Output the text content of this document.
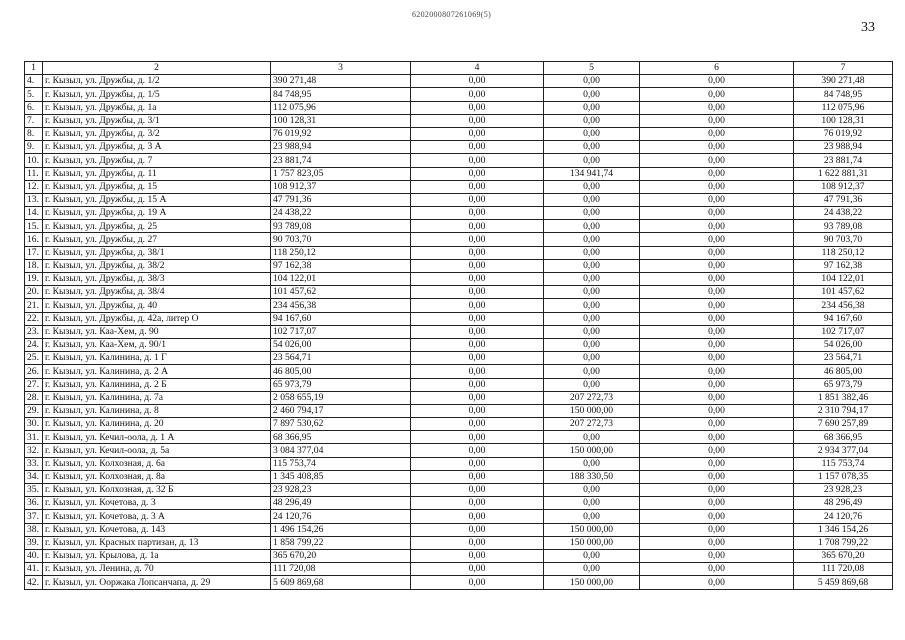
6202000807261069(5)
33
1	2	3	4	5	6	7
4.	г. Кызыл, ул. Дружбы, д. 1/2	390 271,48	0,00	0,00	0,00	390 271,48
5.	г. Кызыл, ул. Дружбы, д. 1/5	84 748,95	0,00	0,00	0,00	84 748,95
6.	г. Кызыл, ул. Дружбы, д. 1а	112 075,96	0,00	0,00	0,00	112 075,96
7.	г. Кызыл, ул. Дружбы, д. 3/1	100 128,31	0,00	0,00	0,00	100 128,31
8.	г. Кызыл, ул. Дружбы, д. 3/2	76 019,92	0,00	0,00	0,00	76 019,92
9.	г. Кызыл, ул. Дружбы, д. 3 А	23 988,94	0,00	0,00	0,00	23 988,94
10.	г. Кызыл, ул. Дружбы, д. 7	23 881,74	0,00	0,00	0,00	23 881,74
11.	г. Кызыл, ул. Дружбы, д. 11	1 757 823,05	0,00	134 941,74	0,00	1 622 881,31
12.	г. Кызыл, ул. Дружбы, д. 15	108 912,37	0,00	0,00	0,00	108 912,37
13.	г. Кызыл, ул. Дружбы, д. 15 А	47 791,36	0,00	0,00	0,00	47 791,36
14.	г. Кызыл, ул. Дружбы, д. 19 А	24 438,22	0,00	0,00	0,00	24 438,22
15.	г. Кызыл, ул. Дружбы, д. 25	93 789,08	0,00	0,00	0,00	93 789,08
16.	г. Кызыл, ул. Дружбы, д. 27	90 703,70	0,00	0,00	0,00	90 703,70
17.	г. Кызыл, ул. Дружбы, д. 38/1	118 250,12	0,00	0,00	0,00	118 250,12
18.	г. Кызыл, ул. Дружбы, д. 38/2	97 162,38	0,00	0,00	0,00	97 162,38
19.	г. Кызыл, ул. Дружбы, д. 38/3	104 122,01	0,00	0,00	0,00	104 122,01
20.	г. Кызыл, ул. Дружбы, д. 38/4	101 457,62	0,00	0,00	0,00	101 457,62
21.	г. Кызыл, ул. Дружбы, д. 40	234 456,38	0,00	0,00	0,00	234 456,38
22.	г. Кызыл, ул. Дружбы, д. 42а, литер О	94 167,60	0,00	0,00	0,00	94 167,60
23.	г. Кызыл, ул. Каа-Хем, д. 90	102 717,07	0,00	0,00	0,00	102 717,07
24.	г. Кызыл, ул. Каа-Хем, д. 90/1	54 026,00	0,00	0,00	0,00	54 026,00
25.	г. Кызыл, ул. Калинина, д. 1 Г	23 564,71	0,00	0,00	0,00	23 564,71
26.	г. Кызыл, ул. Калинина, д. 2 А	46 805,00	0,00	0,00	0,00	46 805,00
27.	г. Кызыл, ул. Калинина, д. 2 Б	65 973,79	0,00	0,00	0,00	65 973,79
28.	г. Кызыл, ул. Калинина, д. 7а	2 058 655,19	0,00	207 272,73	0,00	1 851 382,46
29.	г. Кызыл, ул. Калинина, д. 8	2 460 794,17	0,00	150 000,00	0,00	2 310 794,17
30.	г. Кызыл, ул. Калинина, д. 20	7 897 530,62	0,00	207 272,73	0,00	7 690 257,89
31.	г. Кызыл, ул. Кечил-оола, д. 1 А	68 366,95	0,00	0,00	0,00	68 366,95
32.	г. Кызыл, ул. Кечил-оола, д. 5а	3 084 377,04	0,00	150 000,00	0,00	2 934 377,04
33.	г. Кызыл, ул. Колхозная, д. 6а	115 753,74	0,00	0,00	0,00	115 753,74
34.	г. Кызыл, ул. Колхозная, д. 8а	1 345 408,85	0,00	188 330,50	0,00	1 157 078,35
35.	г. Кызыл, ул. Колхозная, д. 32 Б	23 928,23	0,00	0,00	0,00	23 928,23
36.	г. Кызыл, ул. Кочетова, д. 3	48 296,49	0,00	0,00	0,00	48 296,49
37.	г. Кызыл, ул. Кочетова, д. 3 А	24 120,76	0,00	0,00	0,00	24 120,76
38.	г. Кызыл, ул. Кочетова, д. 143	1 496 154,26	0,00	150 000,00	0,00	1 346 154,26
39.	г. Кызыл, ул. Красных партизан, д. 13	1 858 799,22	0,00	150 000,00	0,00	1 708 799,22
40.	г. Кызыл, ул. Крылова, д. 1а	365 670,20	0,00	0,00	0,00	365 670,20
41.	г. Кызыл, ул. Ленина, д. 70	111 720,08	0,00	0,00	0,00	111 720,08
42.	г. Кызыл, ул. Ооржака Лопсанчапа, д. 29	5 609 869,68	0,00	150 000,00	0,00	5 459 869,68
